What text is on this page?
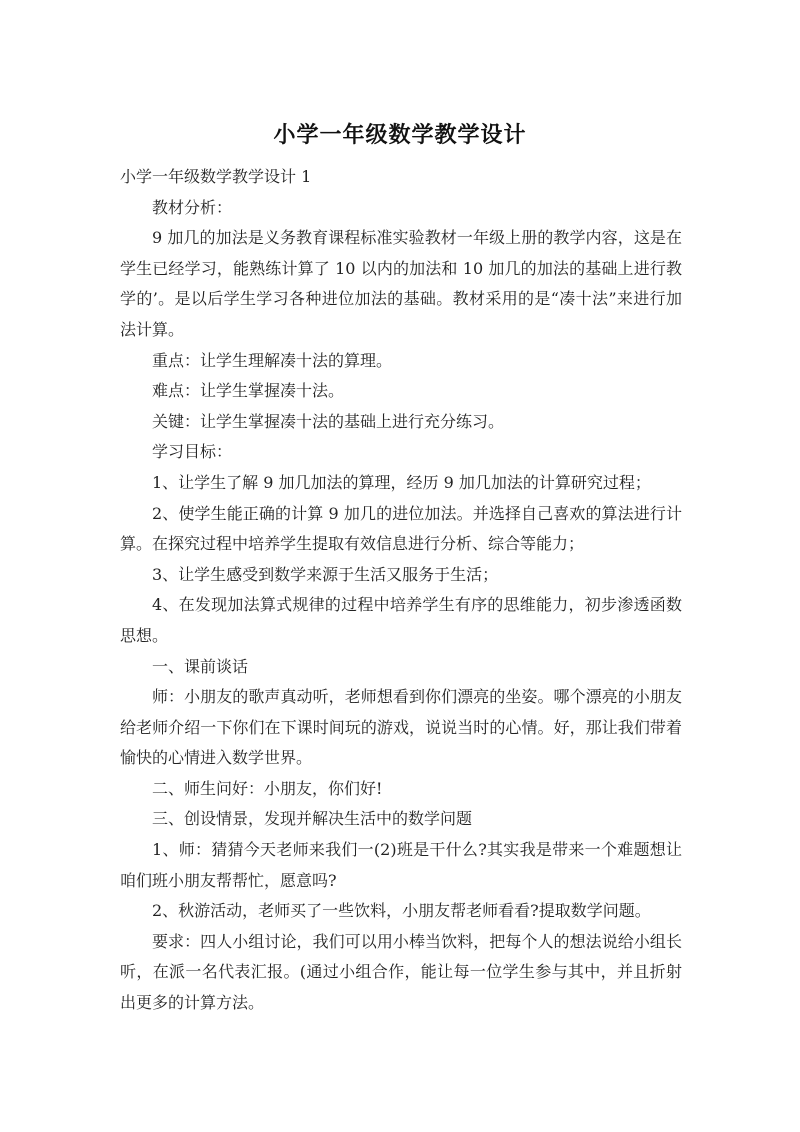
小学一年级数学教学设计

小学一年级数学教学设计 1

教材分析：

9 加几的加法是义务教育课程标准实验教材一年级上册的教学内容，这是在学生已经学习，能熟练计算了 10 以内的加法和 10 加几的加法的基础上进行教学的’。是以后学生学习各种进位加法的基础。教材采用的是“凑十法”来进行加法计算。

重点：让学生理解凑十法的算理。

难点：让学生掌握凑十法。

关键：让学生掌握凑十法的基础上进行充分练习。

学习目标：

1、让学生了解 9 加几加法的算理，经历 9 加几加法的计算研究过程；

2、使学生能正确的计算 9 加几的进位加法。并选择自己喜欢的算法进行计算。在探究过程中培养学生提取有效信息进行分析、综合等能力；

3、让学生感受到数学来源于生活又服务于生活；

4、在发现加法算式规律的过程中培养学生有序的思维能力，初步渗透函数思想。

一、课前谈话

师：小朋友的歌声真动听，老师想看到你们漂亮的坐姿。哪个漂亮的小朋友给老师介绍一下你们在下课时间玩的游戏，说说当时的心情。好，那让我们带着愉快的心情进入数学世界。

二、师生问好：小朋友，你们好!

三、创设情景，发现并解决生活中的数学问题

1、师：猜猜今天老师来我们一(2)班是干什么?其实我是带来一个难题想让咱们班小朋友帮帮忙，愿意吗?

2、秋游活动，老师买了一些饮料，小朋友帮老师看看?提取数学问题。

要求：四人小组讨论，我们可以用小棒当饮料，把每个人的想法说给小组长听，在派一名代表汇报。(通过小组合作，能让每一位学生参与其中，并且折射出更多的计算方法。
